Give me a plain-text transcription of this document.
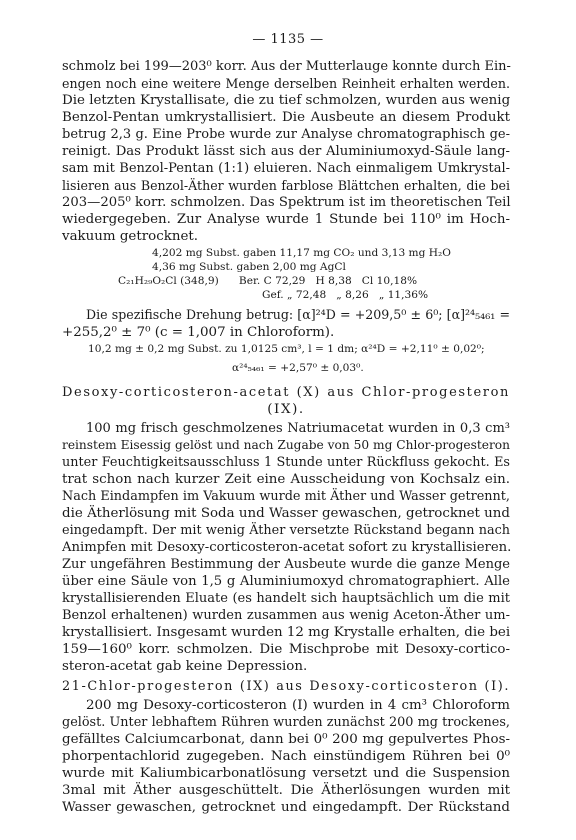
— 1135 —
schmolz bei 199—203⁰ korr. Aus der Mutterlauge konnte durch Ein-
engen noch eine weitere Menge derselben Reinheit erhalten werden.
Die letzten Krystallisate, die zu tief schmolzen, wurden aus wenig
Benzol-Pentan umkrystallisiert. Die Ausbeute an diesem Produkt
betrug 2,3 g. Eine Probe wurde zur Analyse chromatographisch ge-
reinigt. Das Produkt lässt sich aus der Aluminiumoxyd-Säule lang-
sam mit Benzol-Pentan (1:1) eluieren. Nach einmaligem Umkrystal-
lisieren aus Benzol-Äther wurden farblose Blättchen erhalten, die bei
203—205⁰ korr. schmolzen. Das Spektrum ist im theoretischen Teil
wiedergegeben. Zur Analyse wurde 1 Stunde bei 110⁰ im Hoch-
vakuum getrocknet.
4,202 mg Subst. gaben 11,17 mg CO₂ und 3,13 mg H₂O
4,36 mg Subst. gaben 2,00 mg AgCl
C₂₁H₂₉O₂Cl (348,9)      Ber. C 72,29   H 8,38   Cl 10,18%
Gef. „ 72,48   „ 8,26   „ 11,36%
Die spezifische Drehung betrug: [α]²⁴D = +209,5⁰ ± 6⁰; [α]²⁴₅₄₆₁ =
+255,2⁰ ± 7⁰ (c = 1,007 in Chloroform).
10,2 mg ± 0,2 mg Subst. zu 1,0125 cm³, l = 1 dm; α²⁴D = +2,11⁰ ± 0,02⁰;
α²⁴₅₄₆₁ = +2,57⁰ ± 0,03⁰.
Desoxy-corticosteron-acetat (X) aus Chlor-progesteron
(IX).
100 mg frisch geschmolzenes Natriumacetat wurden in 0,3 cm³
reinstem Eisessig gelöst und nach Zugabe von 50 mg Chlor-progesteron
unter Feuchtigkeitsausschluss 1 Stunde unter Rückfluss gekocht. Es
trat schon nach kurzer Zeit eine Ausscheidung von Kochsalz ein.
Nach Eindampfen im Vakuum wurde mit Äther und Wasser getrennt,
die Ätherlösung mit Soda und Wasser gewaschen, getrocknet und
eingedampft. Der mit wenig Äther versetzte Rückstand begann nach
Animpfen mit Desoxy-corticosteron-acetat sofort zu krystallisieren.
Zur ungefähren Bestimmung der Ausbeute wurde die ganze Menge
über eine Säule von 1,5 g Aluminiumoxyd chromatographiert. Alle
krystallisierenden Eluate (es handelt sich hauptsächlich um die mit
Benzol erhaltenen) wurden zusammen aus wenig Aceton-Äther um-
krystallisiert. Insgesamt wurden 12 mg Krystalle erhalten, die bei
159—160⁰ korr. schmolzen. Die Mischprobe mit Desoxy-cortico-
steron-acetat gab keine Depression.
21-Chlor-progesteron (IX) aus Desoxy-corticosteron (I).
200 mg Desoxy-corticosteron (I) wurden in 4 cm³ Chloroform
gelöst. Unter lebhaftem Rühren wurden zunächst 200 mg trockenes,
gefälltes Calciumcarbonat, dann bei 0⁰ 200 mg gepulvertes Phos-
phorpentachlorid zugegeben. Nach einstündigem Rühren bei 0⁰
wurde mit Kaliumbicarbonatlösung versetzt und die Suspension
3mal mit Äther ausgeschüttelt. Die Ätherlösungen wurden mit
Wasser gewaschen, getrocknet und eingedampft. Der Rückstand
